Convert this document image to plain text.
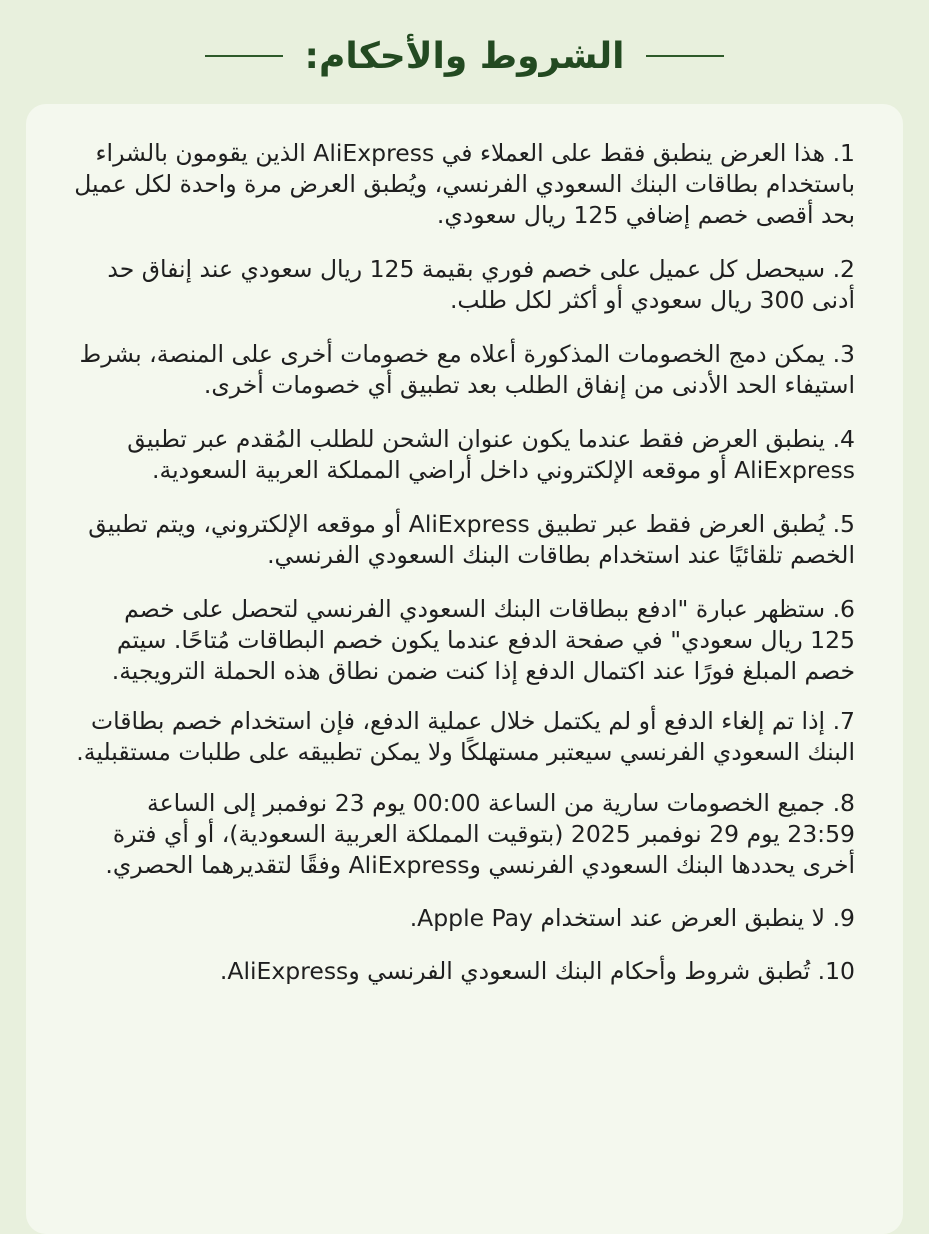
الشروط والأحكام:
1. هذا العرض ينطبق فقط على العملاء في AliExpress الذين يقومون بالشراء باستخدام بطاقات البنك السعودي الفرنسي، ويُطبق العرض مرة واحدة لكل عميل بحد أقصى خصم إضافي 125 ريال سعودي.
2. سيحصل كل عميل على خصم فوري بقيمة 125 ريال سعودي عند إنفاق حد أدنى 300 ريال سعودي أو أكثر لكل طلب.
3. يمكن دمج الخصومات المذكورة أعلاه مع خصومات أخرى على المنصة، بشرط استيفاء الحد الأدنى من إنفاق الطلب بعد تطبيق أي خصومات أخرى.
4. ينطبق العرض فقط عندما يكون عنوان الشحن للطلب المُقدم عبر تطبيق AliExpress أو موقعه الإلكتروني داخل أراضي المملكة العربية السعودية.
5. يُطبق العرض فقط عبر تطبيق AliExpress أو موقعه الإلكتروني، ويتم تطبيق الخصم تلقائيًا عند استخدام بطاقات البنك السعودي الفرنسي.
6. ستظهر عبارة "ادفع ببطاقات البنك السعودي الفرنسي لتحصل على خصم 125 ريال سعودي" في صفحة الدفع عندما يكون خصم البطاقات مُتاحًا. سيتم خصم المبلغ فورًا عند اكتمال الدفع إذا كنت ضمن نطاق هذه الحملة الترويجية.
7. إذا تم إلغاء الدفع أو لم يكتمل خلال عملية الدفع، فإن استخدام خصم بطاقات البنك السعودي الفرنسي سيعتبر مستهلكًا ولا يمكن تطبيقه على طلبات مستقبلية.
8. جميع الخصومات سارية من الساعة 00:00 يوم 23 نوفمبر إلى الساعة 23:59 يوم 29 نوفمبر 2025 (بتوقيت المملكة العربية السعودية)، أو أي فترة أخرى يحددها البنك السعودي الفرنسي وAliExpress وفقًا لتقديرهما الحصري.
9. لا ينطبق العرض عند استخدام Apple Pay.
10. تُطبق شروط وأحكام البنك السعودي الفرنسي وAliExpress.
